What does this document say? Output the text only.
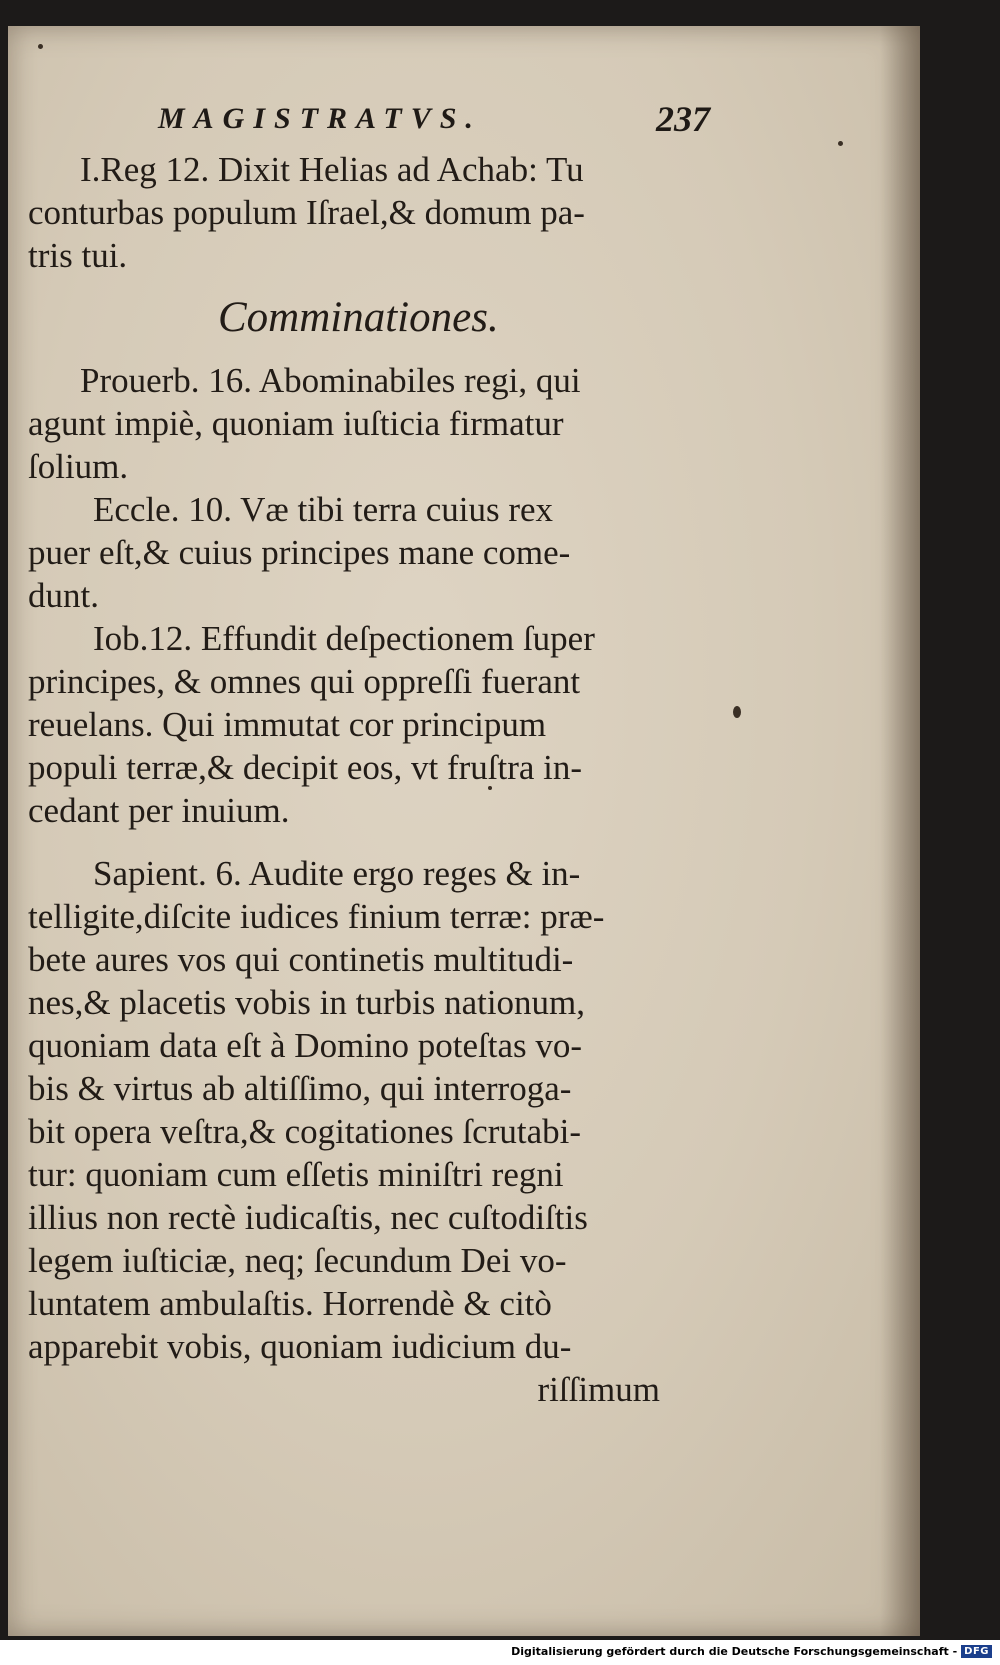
MAGISTRATVS.	237
I.Reg 12. Dixit Helias ad Achab: Tu
conturbas populum Iſrael,& domum pa-
tris tui.
Comminationes.
Prouerb. 16. Abominabiles regi, qui
agunt impiè, quoniam iuſticia firmatur
ſolium.
Eccle. 10. Væ tibi terra cuius rex
puer eſt,& cuius principes mane come-
dunt.
Iob.12. Effundit deſpectionem ſuper
principes, & omnes qui oppreſſi fuerant
reuelans. Qui immutat cor principum
populi terræ,& decipit eos, vt fruſtra in-
cedant per inuium.
Sapient. 6. Audite ergo reges & in-
telligite,diſcite iudices finium terræ: præ-
bete aures vos qui continetis multitudi-
nes,& placetis vobis in turbis nationum,
quoniam data eſt à Domino poteſtas vo-
bis & virtus ab altiſſimo, qui interroga-
bit opera veſtra,& cogitationes ſcrutabi-
tur: quoniam cum eſſetis miniſtri regni
illius non rectè iudicaſtis, nec cuſtodiſtis
legem iuſticiæ, neq; ſecundum Dei vo-
luntatem ambulaſtis. Horrendè & citò
apparebit vobis, quoniam iudicium du-
riſſimum
Digitalisierung gefördert durch die Deutsche Forschungsgemeinschaft - DFG
